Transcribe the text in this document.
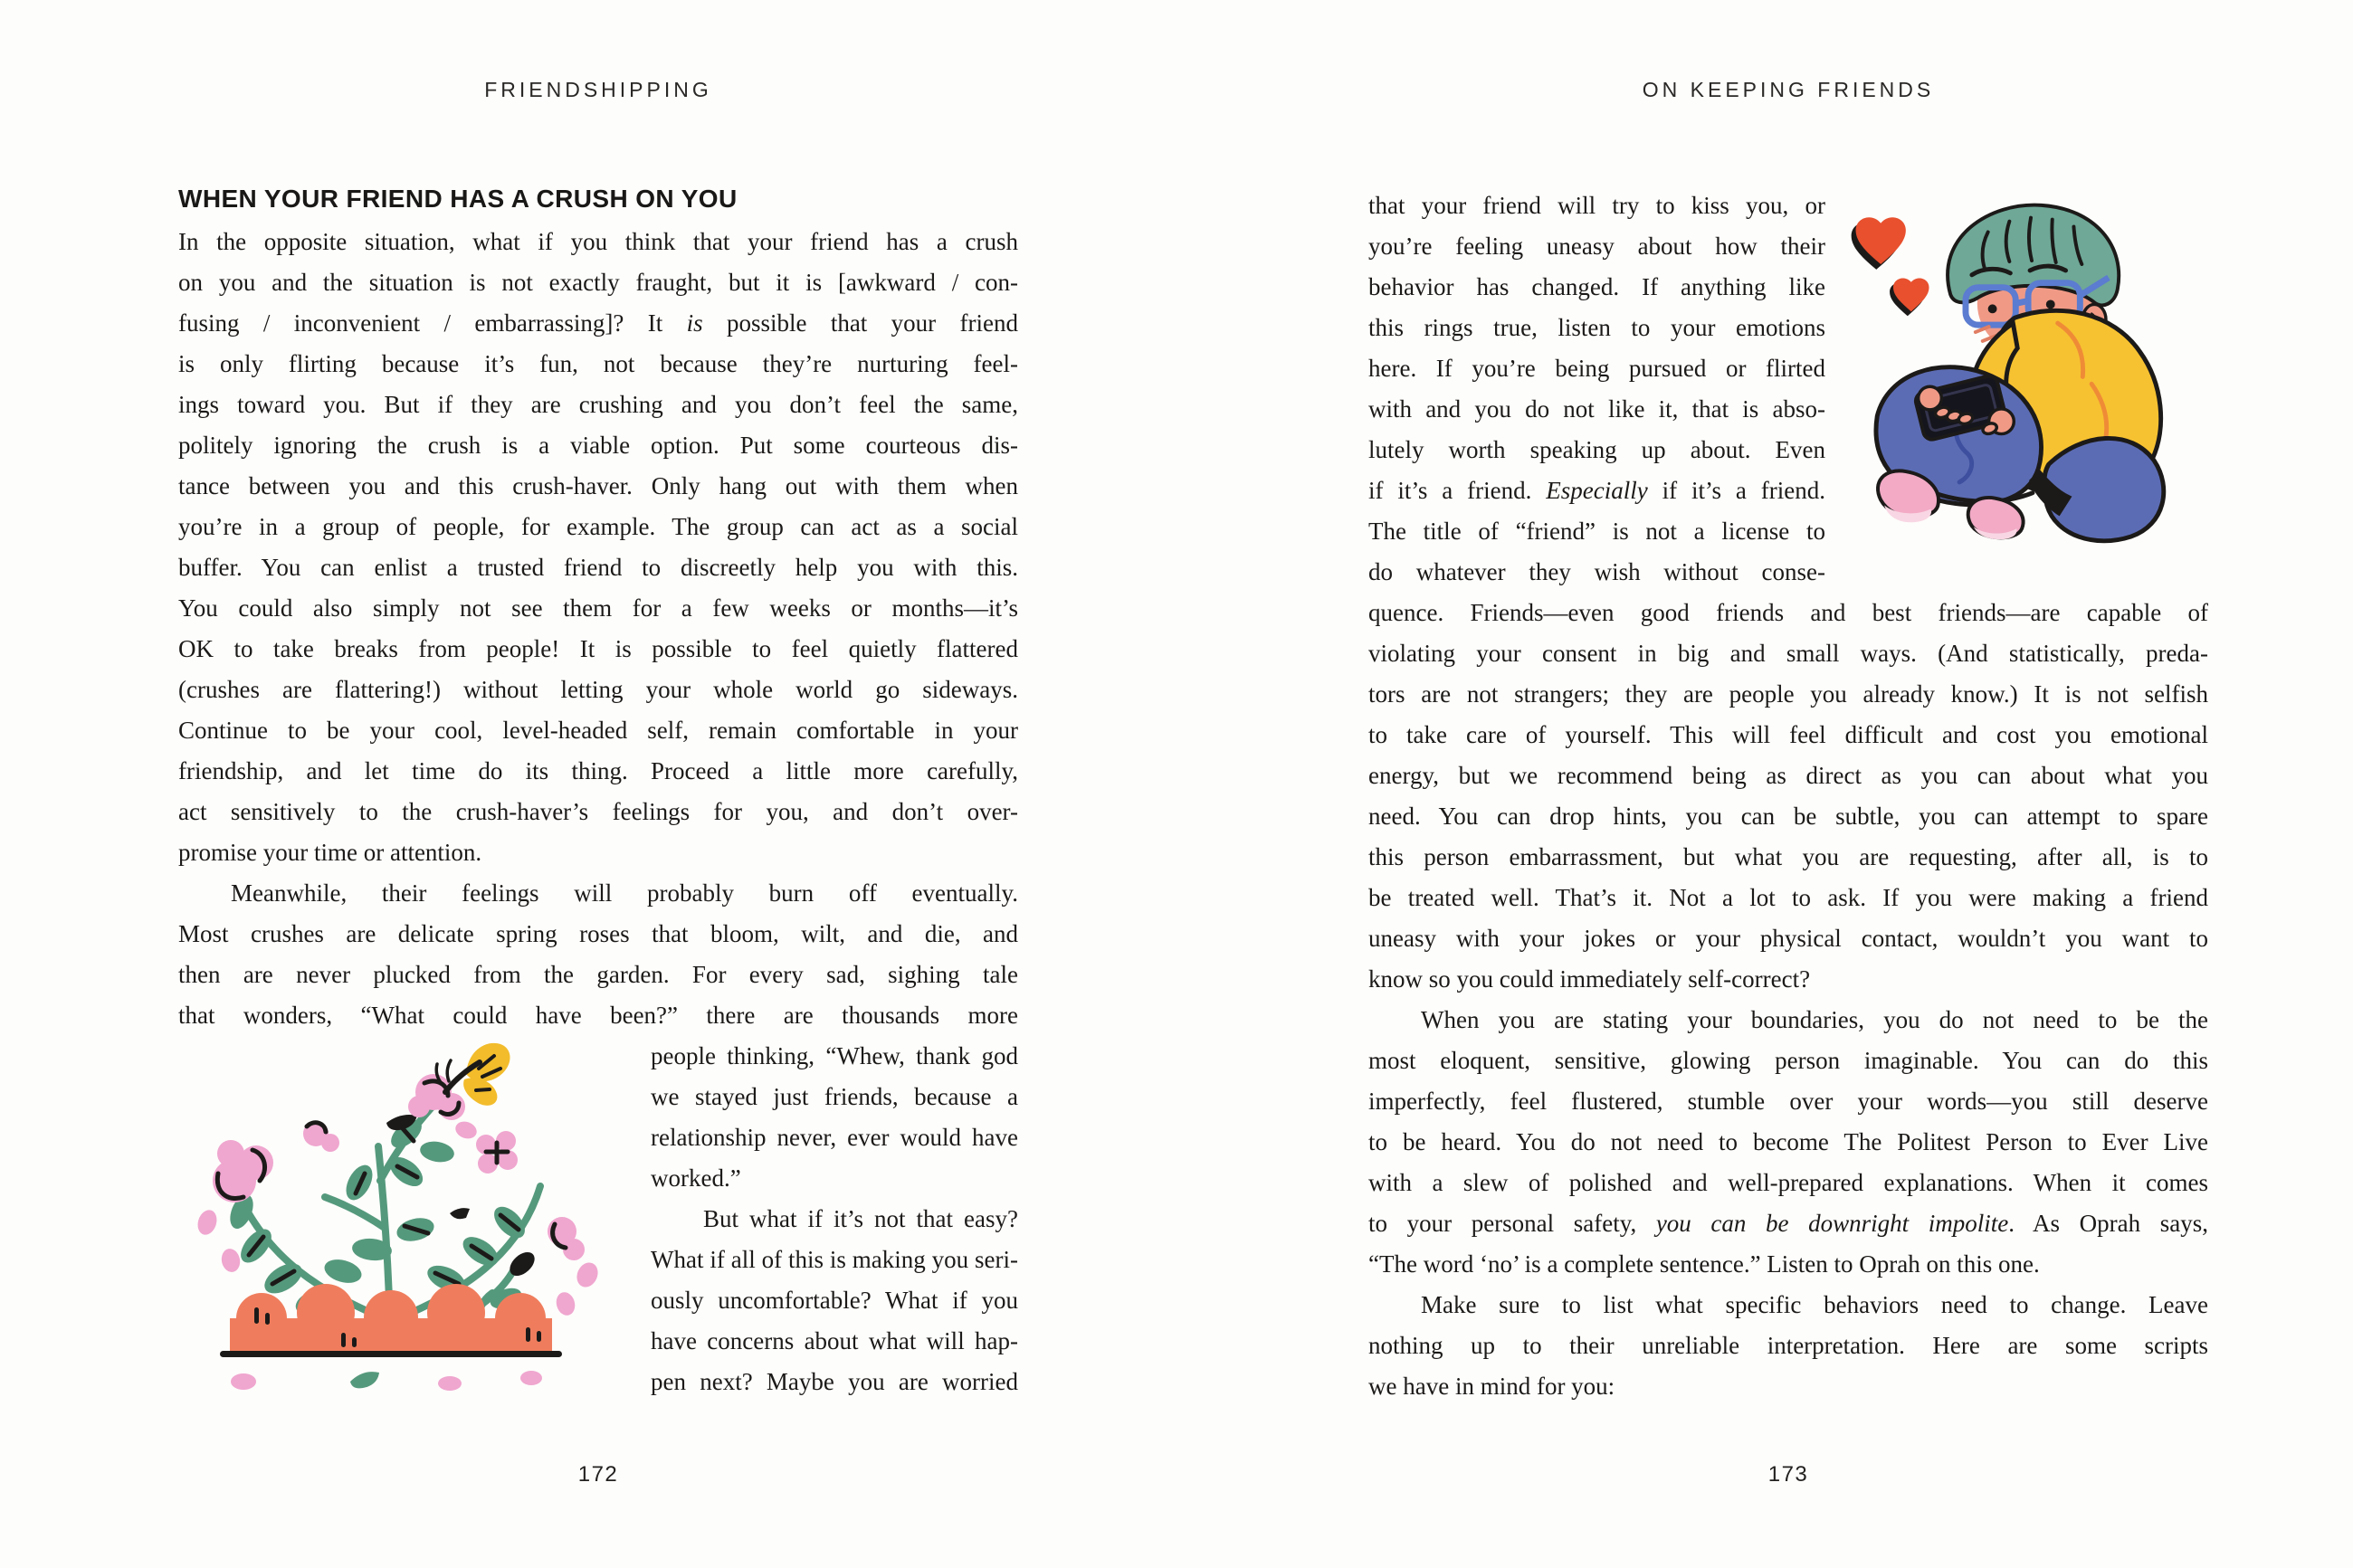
FRIENDSHIPPING
WHEN YOUR FRIEND HAS A CRUSH ON YOU
In the opposite situation, what if you think that your friend has a crush
on you and the situation is not exactly fraught, but it is [awkward / con-
fusing / inconvenient / embarrassing]? It is possible that your friend
is only flirting because it’s fun, not because they’re nurturing feel-
ings toward you. But if they are crushing and you don’t feel the same,
politely ignoring the crush is a viable option. Put some courteous dis-
tance between you and this crush-haver. Only hang out with them when
you’re in a group of people, for example. The group can act as a social
buffer. You can enlist a trusted friend to discreetly help you with this.
You could also simply not see them for a few weeks or months—it’s
OK to take breaks from people! It is possible to feel quietly flattered
(crushes are flattering!) without letting your whole world go sideways.
Continue to be your cool, level-headed self, remain comfortable in your
friendship, and let time do its thing. Proceed a little more carefully,
act sensitively to the crush-haver’s feelings for you, and don’t over-
promise your time or attention.
Meanwhile, their feelings will probably burn off eventually.
Most crushes are delicate spring roses that bloom, wilt, and die, and
then are never plucked from the garden. For every sad, sighing tale
that wonders, “What could have been?” there are thousands more
people thinking, “Whew, thank god
we stayed just friends, because a
relationship never, ever would have
worked.”
But what if it’s not that easy?
What if all of this is making you seri-
ously uncomfortable? What if you
have concerns about what will hap-
pen next? Maybe you are worried
172
ON KEEPING FRIENDS
that your friend will try to kiss you, or
you’re feeling uneasy about how their
behavior has changed. If anything like
this rings true, listen to your emotions
here. If you’re being pursued or flirted
with and you do not like it, that is abso-
lutely worth speaking up about. Even
if it’s a friend. Especially if it’s a friend.
The title of “friend” is not a license to
do whatever they wish without conse-
quence. Friends—even good friends and best friends—are capable of
violating your consent in big and small ways. (And statistically, preda-
tors are not strangers; they are people you already know.) It is not selfish
to take care of yourself. This will feel difficult and cost you emotional
energy, but we recommend being as direct as you can about what you
need. You can drop hints, you can be subtle, you can attempt to spare
this person embarrassment, but what you are requesting, after all, is to
be treated well. That’s it. Not a lot to ask. If you were making a friend
uneasy with your jokes or your physical contact, wouldn’t you want to
know so you could immediately self-correct?
When you are stating your boundaries, you do not need to be the
most eloquent, sensitive, glowing person imaginable. You can do this
imperfectly, feel flustered, stumble over your words—you still deserve
to be heard. You do not need to become The Politest Person to Ever Live
with a slew of polished and well-prepared explanations. When it comes
to your personal safety, you can be downright impolite. As Oprah says,
“The word ‘no’ is a complete sentence.” Listen to Oprah on this one.
Make sure to list what specific behaviors need to change. Leave
nothing up to their unreliable interpretation. Here are some scripts
we have in mind for you:
173
